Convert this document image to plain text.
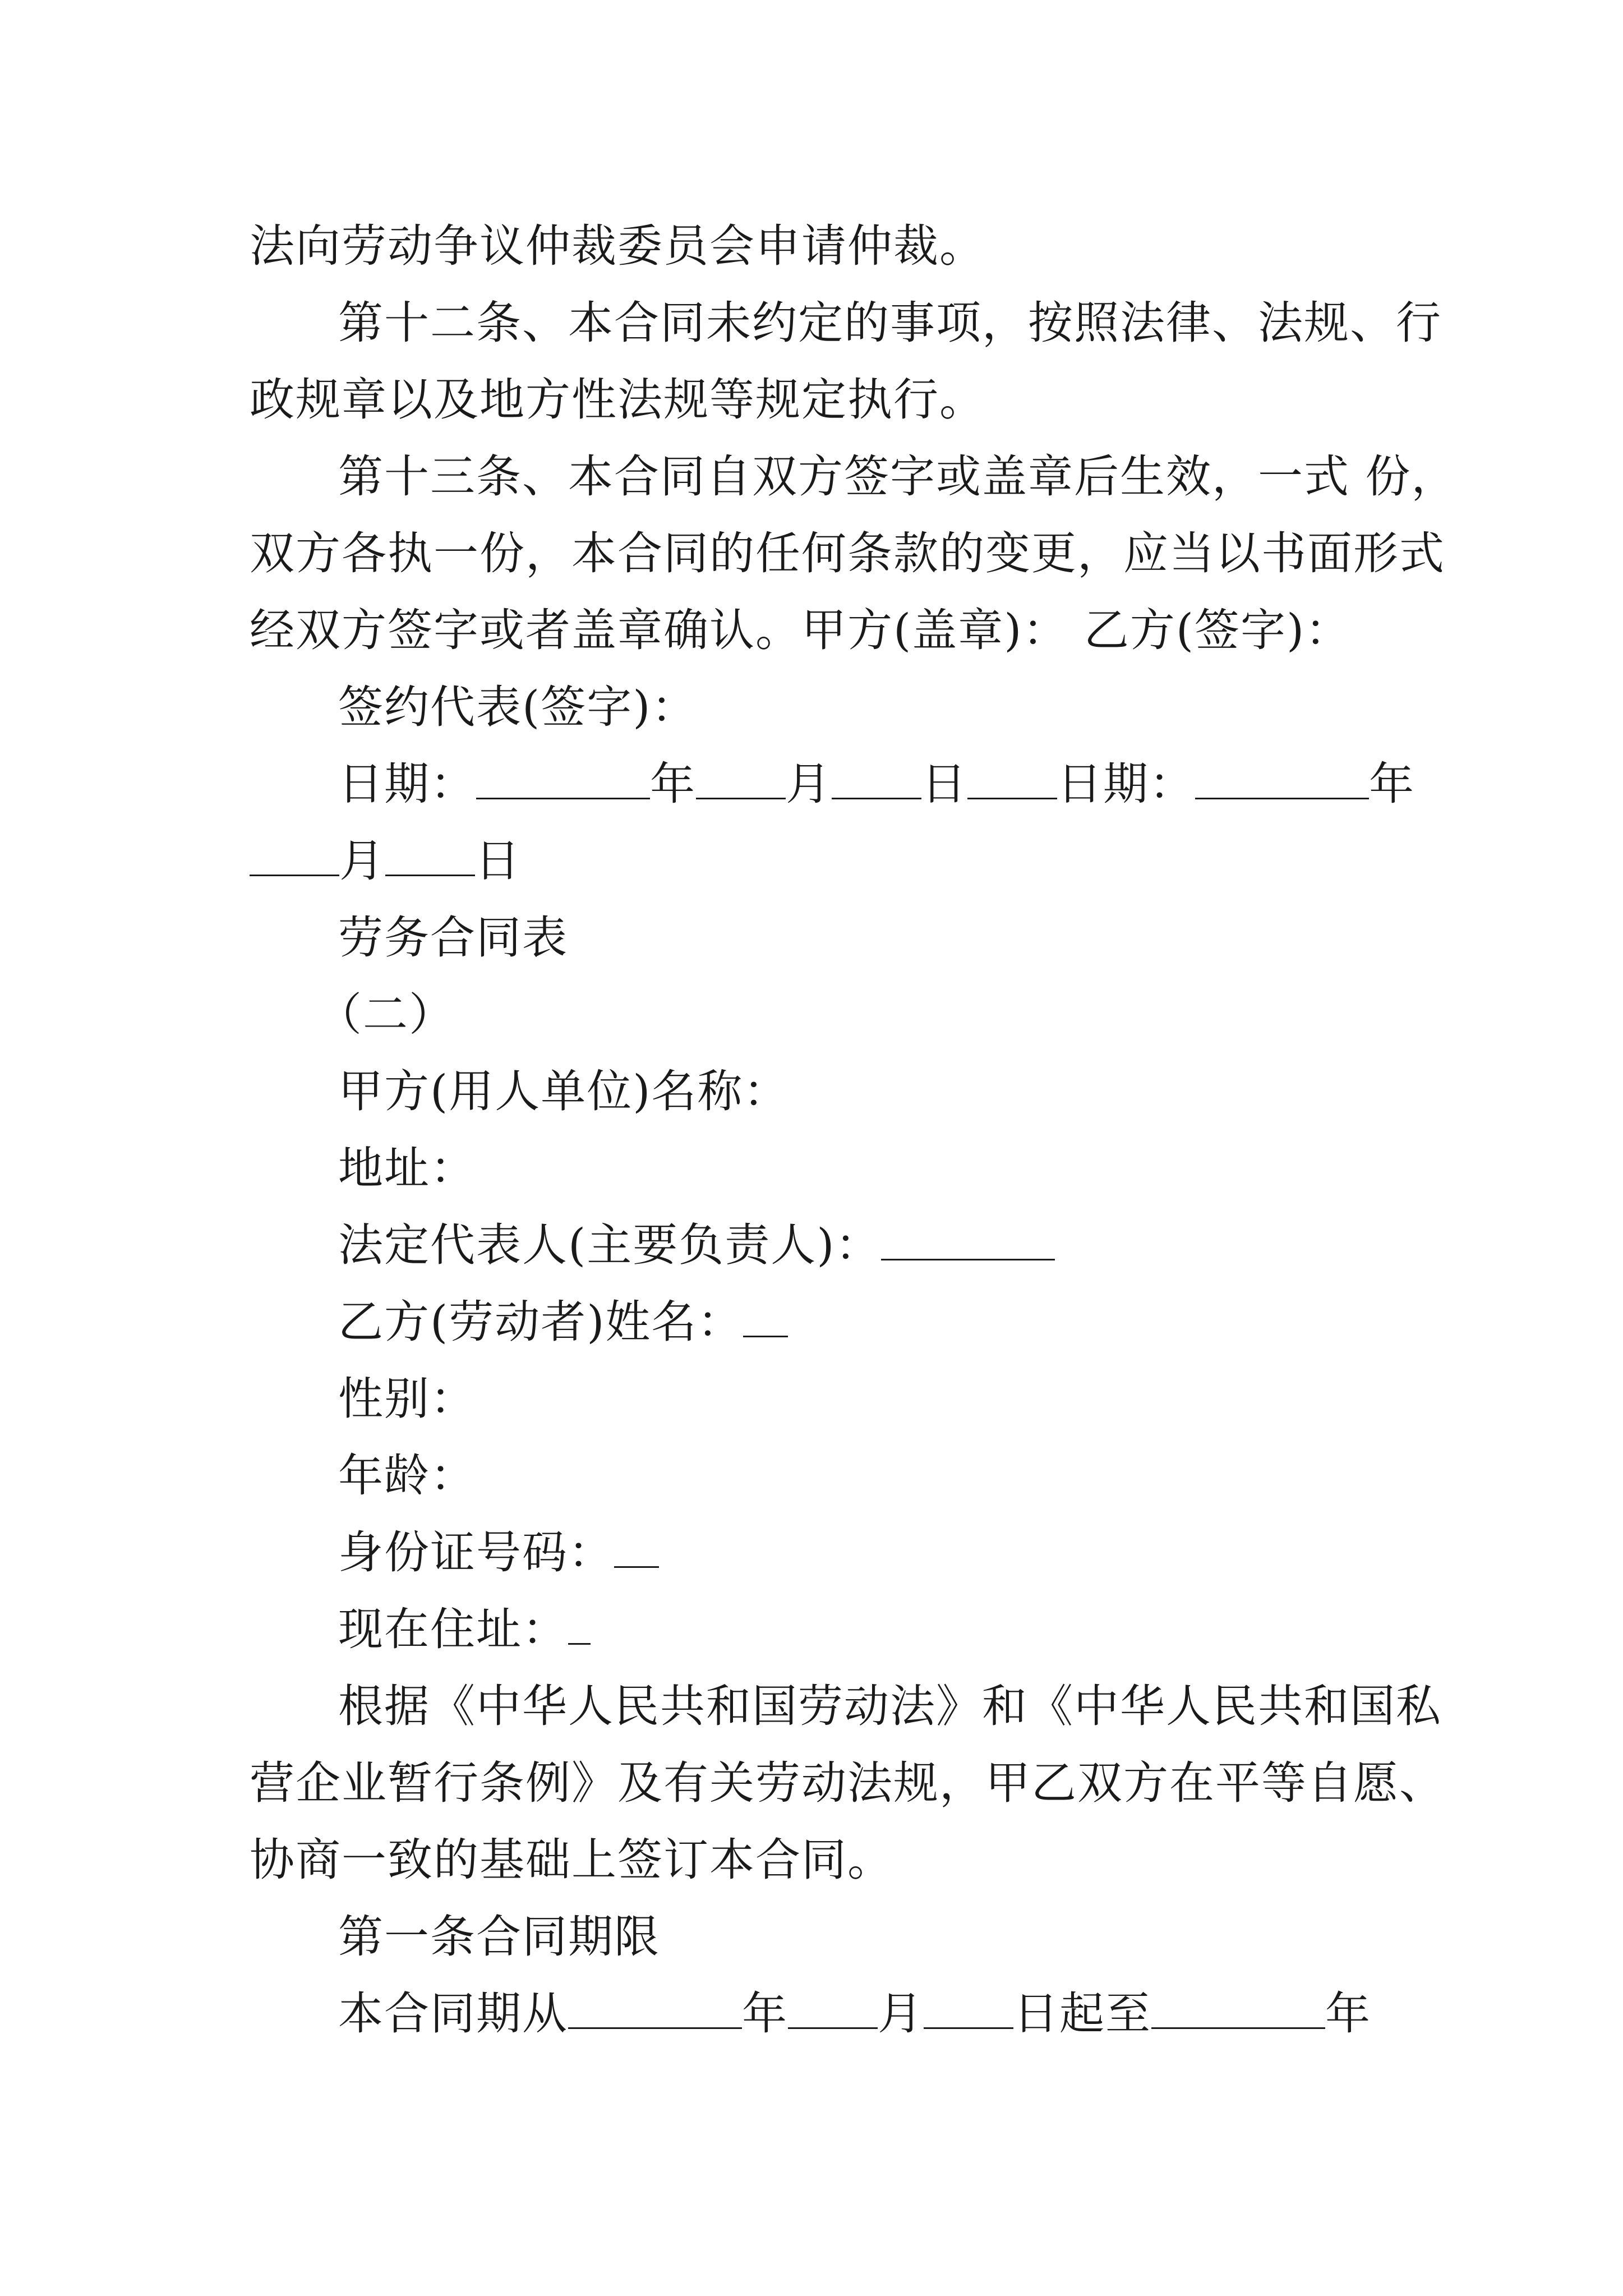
法向劳动争议仲裁委员会申请仲裁。
第十二条、本合同未约定的事项，按照法律、法规、行
政规章以及地方性法规等规定执行。
第十三条、本合同自双方签字或盖章后生效，一式 份，
双方各执一份，本合同的任何条款的变更，应当以书面形式
经双方签字或者盖章确认。甲方(盖章)： 乙方(签字)：
签约代表(签字)：
日期：	年 月 日 日期：	年
月 日
劳务合同表
（二）
甲方(用人单位)名称：
地址：
法定代表人(主要负责人)：
乙方(劳动者)姓名：
性别：
年龄：
身份证号码：
现在住址：
根据《中华人民共和国劳动法》和《中华人民共和国私
营企业暂行条例》及有关劳动法规，甲乙双方在平等自愿、
协商一致的基础上签订本合同。
第一条合同期限
本合同期从	年 月 日起至	年
